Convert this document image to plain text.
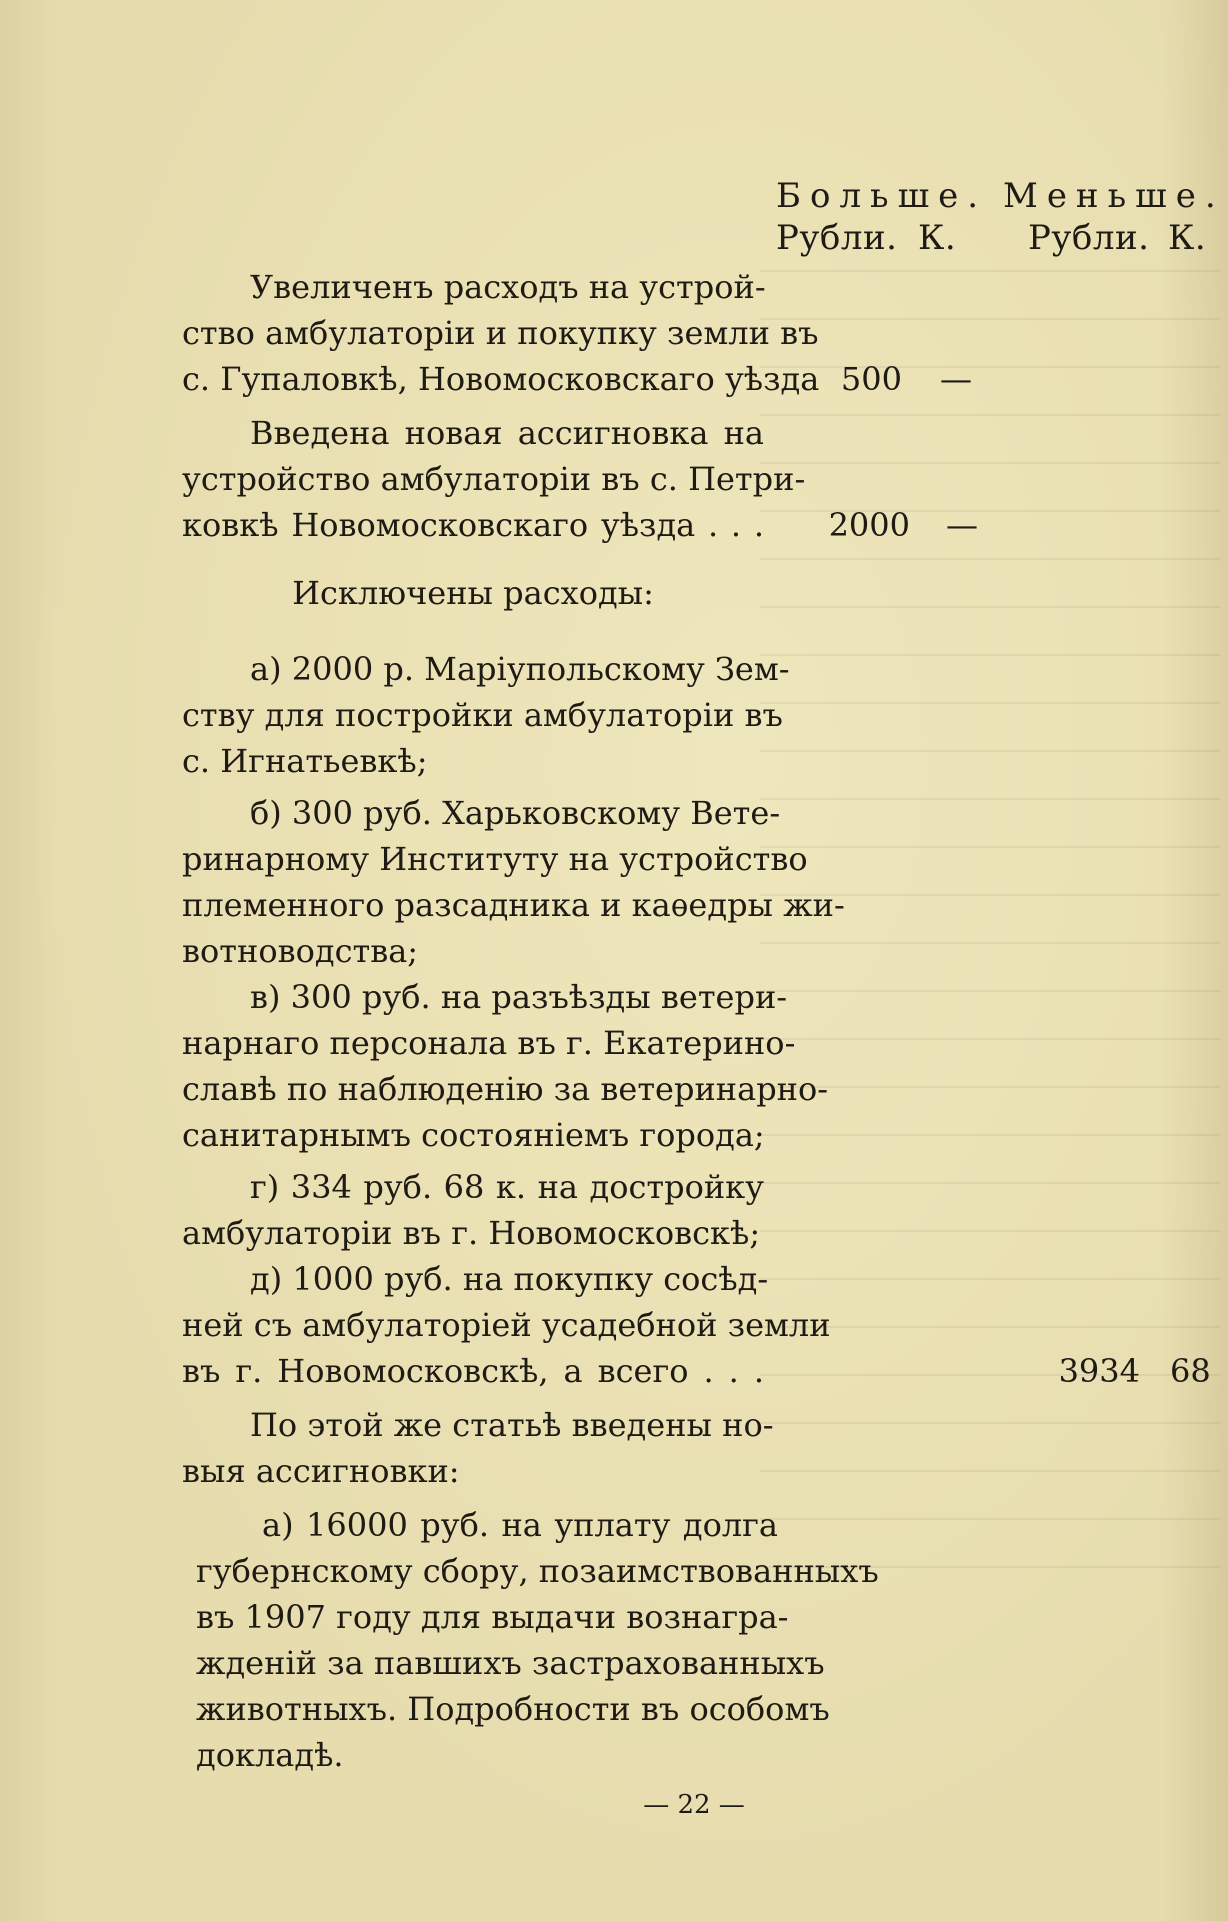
Больше. Меньше.
Рубли. К. Рубли. К.
Увеличенъ расходъ на устрой-
ство амбулаторіи и покупку земли въ
с. Гупаловкѣ, Новомосковскаго уѣзда 500 —
Введена новая ассигновка на
устройство амбулаторіи въ с. Петри-
ковкѣ Новомосковскаго уѣзда . . .	2000 —
Исключены расходы:
а) 2000 р. Маріупольскому Зем-
ству для постройки амбулаторіи въ
с. Игнатьевкѣ;
б) 300 руб. Харьковскому Вете-
ринарному Институту на устройство
племенного разсадника и каѳедры жи-
вотноводства;
в) 300 руб. на разъѣзды ветери-
нарнаго персонала въ г. Екатерино-
славѣ по наблюденію за ветеринарно-
санитарнымъ состояніемъ города;
г) 334 руб. 68 к. на достройку
амбулаторіи въ г. Новомосковскѣ;
д) 1000 руб. на покупку сосѣд-
ней съ амбулаторіей усадебной земли
въ г. Новомосковскѣ, а всего . . .	3934 68
По этой же статьѣ введены но-
выя ассигновки:
а) 16000 руб. на уплату долга
губернскому сбору, позаимствованныхъ
въ 1907 году для выдачи вознагра-
жденій за павшихъ застрахованныхъ
животныхъ. Подробности въ особомъ
докладѣ.
— 22 —
